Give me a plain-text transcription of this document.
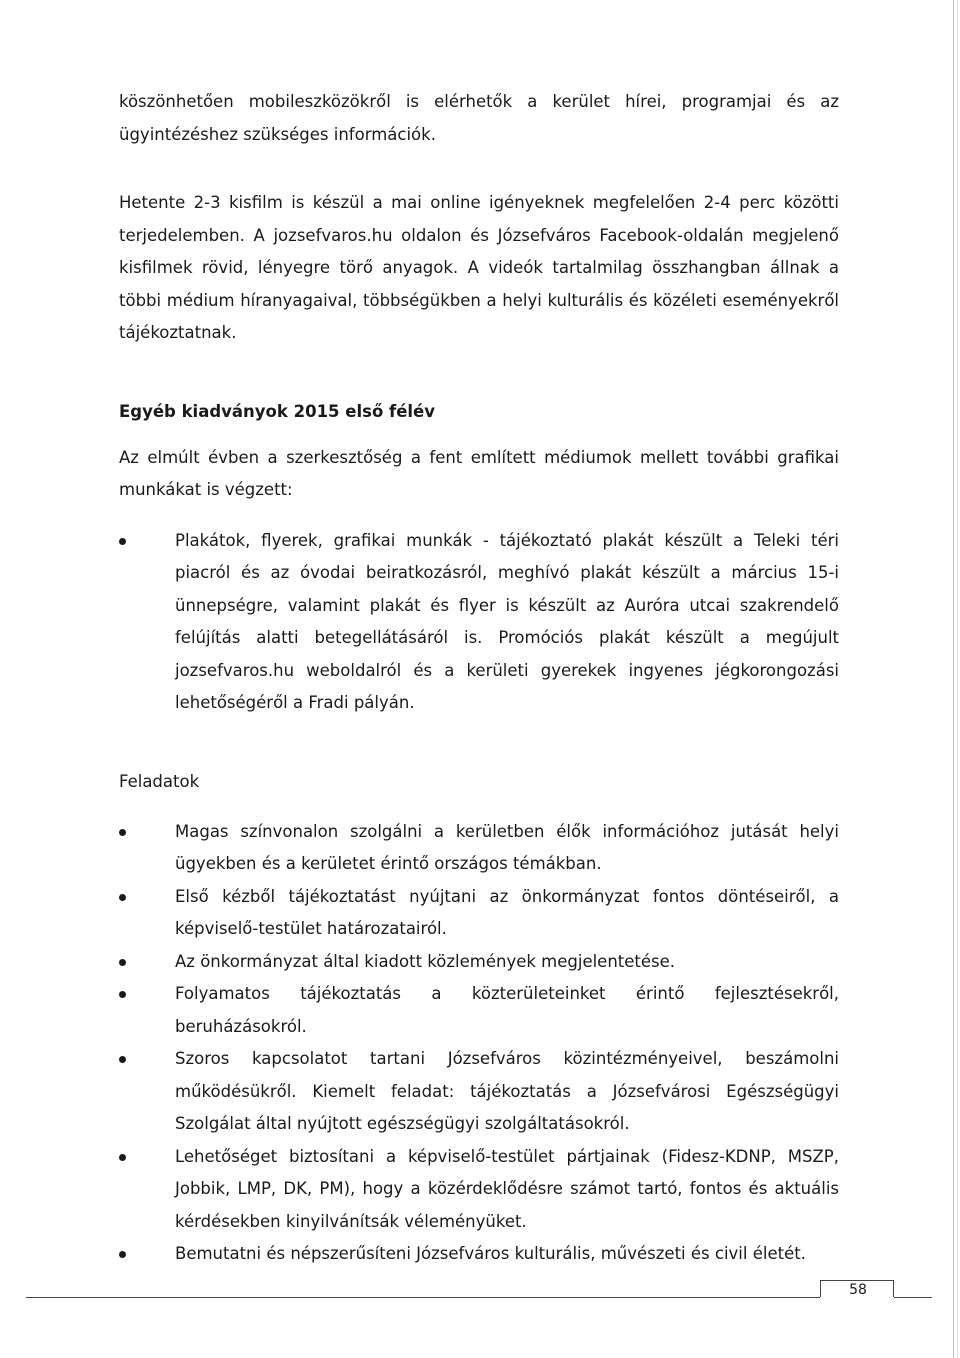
köszönhetően mobileszközökről is elérhetők a kerület hírei, programjai és az ügyintézéshez szükséges információk.

Hetente 2-3 kisfilm is készül a mai online igényeknek megfelelően 2-4 perc közötti terjedelemben. A jozsefvaros.hu oldalon és Józsefváros Facebook-oldalán megjelenő kisfilmek rövid, lényegre törő anyagok. A videók tartalmilag összhangban állnak a többi médium híranyagaival, többségükben a helyi kulturális és közéleti eseményekről tájékoztatnak.

Egyéb kiadványok 2015 első félév

Az elmúlt évben a szerkesztőség a fent említett médiumok mellett további grafikai munkákat is végzett:

Plakátok, flyerek, grafikai munkák - tájékoztató plakát készült a Teleki téri piacról és az óvodai beiratkozásról, meghívó plakát készült a március 15-i ünnepségre, valamint plakát és flyer is készült az Auróra utcai szakrendelő felújítás alatti betegellátásáról is. Promóciós plakát készült a megújult jozsefvaros.hu weboldalról és a kerületi gyerekek ingyenes jégkorongozási lehetőségéről a Fradi pályán.
Feladatok
Magas színvonalon szolgálni a kerületben élők információhoz jutását helyi ügyekben és a kerületet érintő országos témákban.
Első kézből tájékoztatást nyújtani az önkormányzat fontos döntéseiről, a képviselő-testület határozatairól.
Az önkormányzat által kiadott közlemények megjelentetése.
Folyamatos tájékoztatás a közterületeinket érintő fejlesztésekről, beruházásokról.
Szoros kapcsolatot tartani Józsefváros közintézményeivel, beszámolni működésükről. Kiemelt feladat: tájékoztatás a Józsefvárosi Egészségügyi Szolgálat által nyújtott egészségügyi szolgáltatásokról.
Lehetőséget biztosítani a képviselő-testület pártjainak (Fidesz-KDNP, MSZP, Jobbik, LMP, DK, PM), hogy a közérdeklődésre számot tartó, fontos és aktuális kérdésekben kinyilvánítsák véleményüket.
Bemutatni és népszerűsíteni Józsefváros kulturális, művészeti és civil életét.
58
